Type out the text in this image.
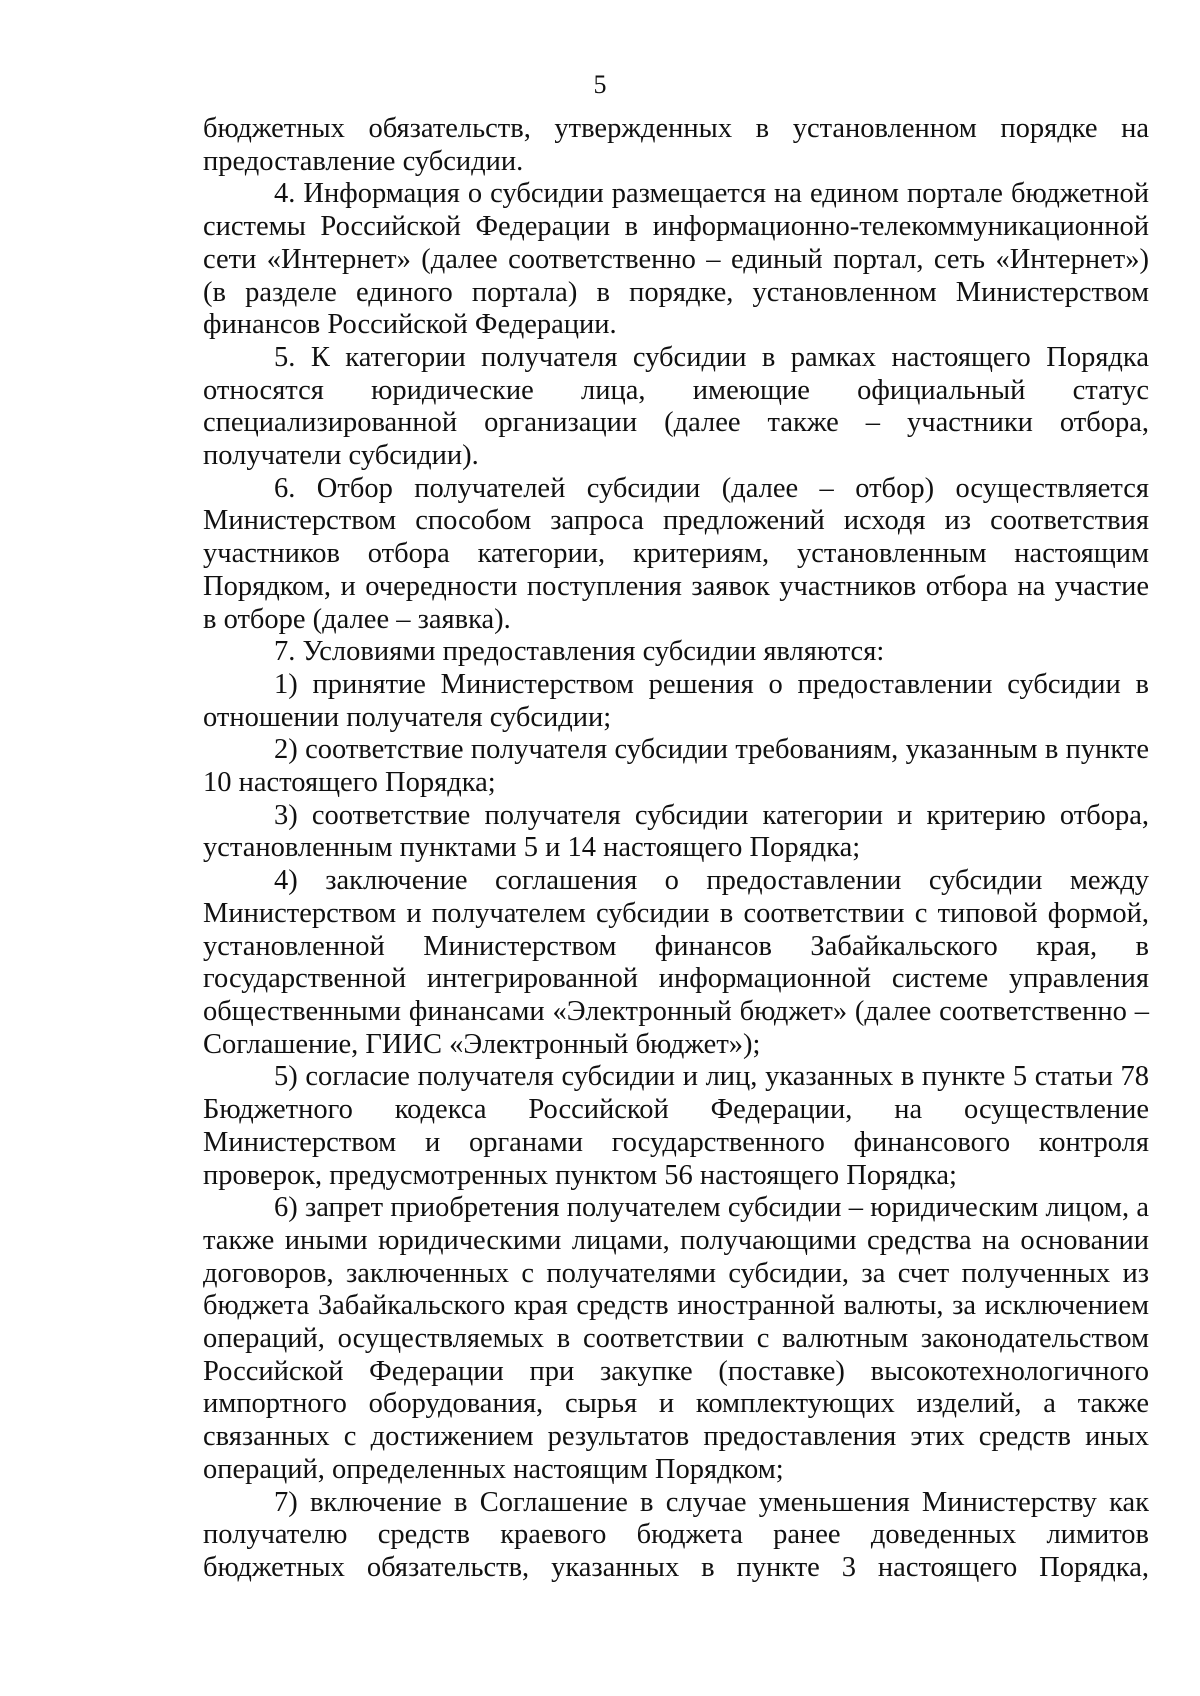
5

бюджетных обязательств, утвержденных в установленном порядке на предоставление субсидии.

4. Информация о субсидии размещается на едином портале бюджетной системы Российской Федерации в информационно-телекоммуникационной сети «Интернет» (далее соответственно – единый портал, сеть «Интернет») (в разделе единого портала) в порядке, установленном Министерством финансов Российской Федерации.

5. К категории получателя субсидии в рамках настоящего Порядка относятся юридические лица, имеющие официальный статус специализированной организации (далее также – участники отбора, получатели субсидии).

6. Отбор получателей субсидии (далее – отбор) осуществляется Министерством способом запроса предложений исходя из соответствия участников отбора категории, критериям, установленным настоящим Порядком, и очередности поступления заявок участников отбора на участие в отборе (далее – заявка).

7. Условиями предоставления субсидии являются:

1) принятие Министерством решения о предоставлении субсидии в отношении получателя субсидии;

2) соответствие получателя субсидии требованиям, указанным в пункте 10 настоящего Порядка;

3) соответствие получателя субсидии категории и критерию отбора, установленным пунктами 5 и 14 настоящего Порядка;

4) заключение соглашения о предоставлении субсидии между Министерством и получателем субсидии в соответствии с типовой формой, установленной Министерством финансов Забайкальского края, в государственной интегрированной информационной системе управления общественными финансами «Электронный бюджет» (далее соответственно – Соглашение, ГИИС «Электронный бюджет»);

5) согласие получателя субсидии и лиц, указанных в пункте 5 статьи 78 Бюджетного кодекса Российской Федерации, на осуществление Министерством и органами государственного финансового контроля проверок, предусмотренных пунктом 56 настоящего Порядка;

6) запрет приобретения получателем субсидии – юридическим лицом, а также иными юридическими лицами, получающими средства на основании договоров, заключенных с получателями субсидии, за счет полученных из бюджета Забайкальского края средств иностранной валюты, за исключением операций, осуществляемых в соответствии с валютным законодательством Российской Федерации при закупке (поставке) высокотехнологичного импортного оборудования, сырья и комплектующих изделий, а также связанных с достижением результатов предоставления этих средств иных операций, определенных настоящим Порядком;

7) включение в Соглашение в случае уменьшения Министерству как получателю средств краевого бюджета ранее доведенных лимитов бюджетных обязательств, указанных в пункте 3 настоящего Порядка,
